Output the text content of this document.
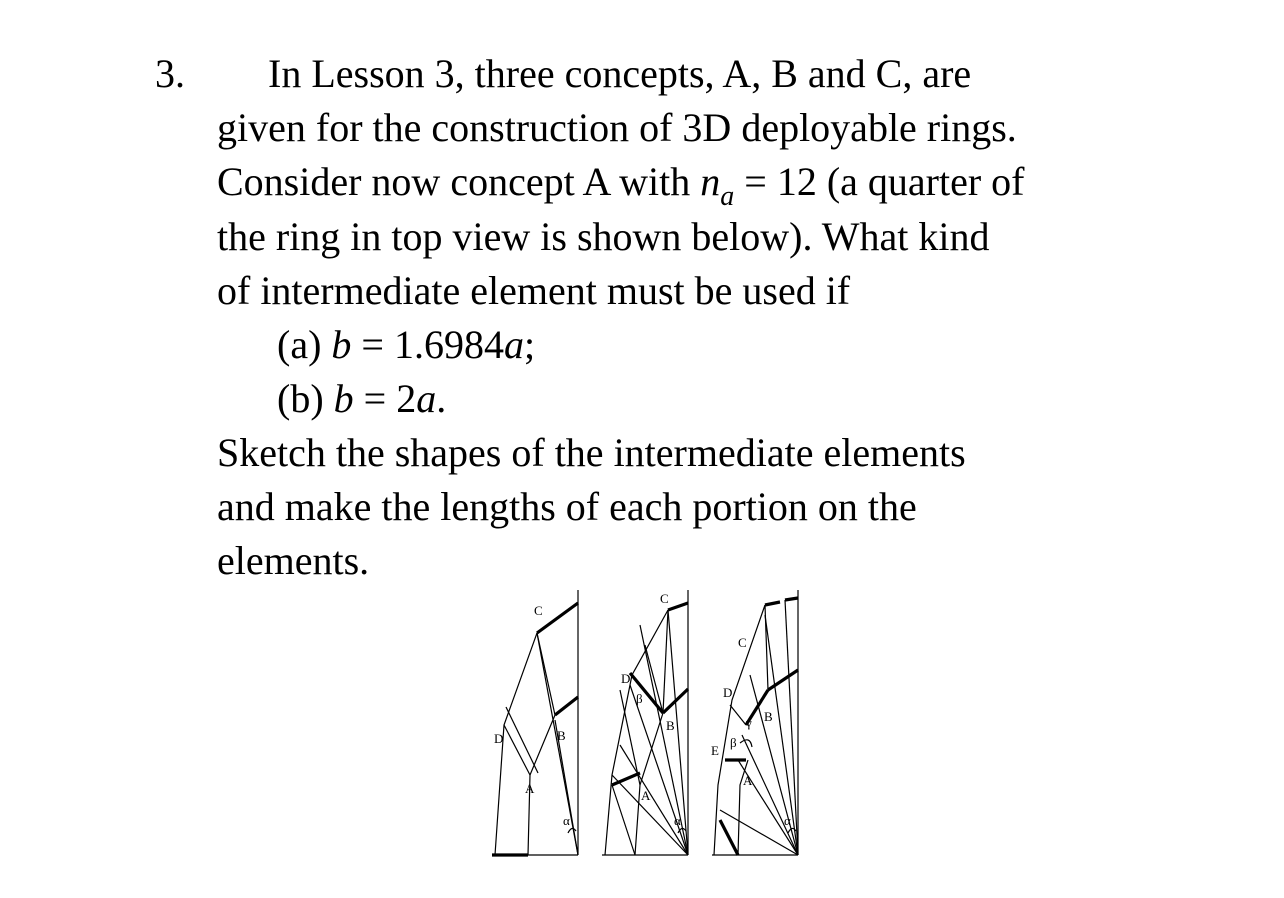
3. In Lesson 3, three concepts, A, B and C, are
given for the construction of 3D deployable rings.
Consider now concept A with $n_a = 12$ (a quarter of
the ring in top view is shown below). What kind
of intermediate element must be used if
(a) b = 1.6984a;
(b) b = 2a.
Sketch the shapes of the intermediate elements
and make the lengths of each portion on the
elements.
C
D	B
A
α
C
D
β
B
A
α
C
D
γ B
E
β
A
α
